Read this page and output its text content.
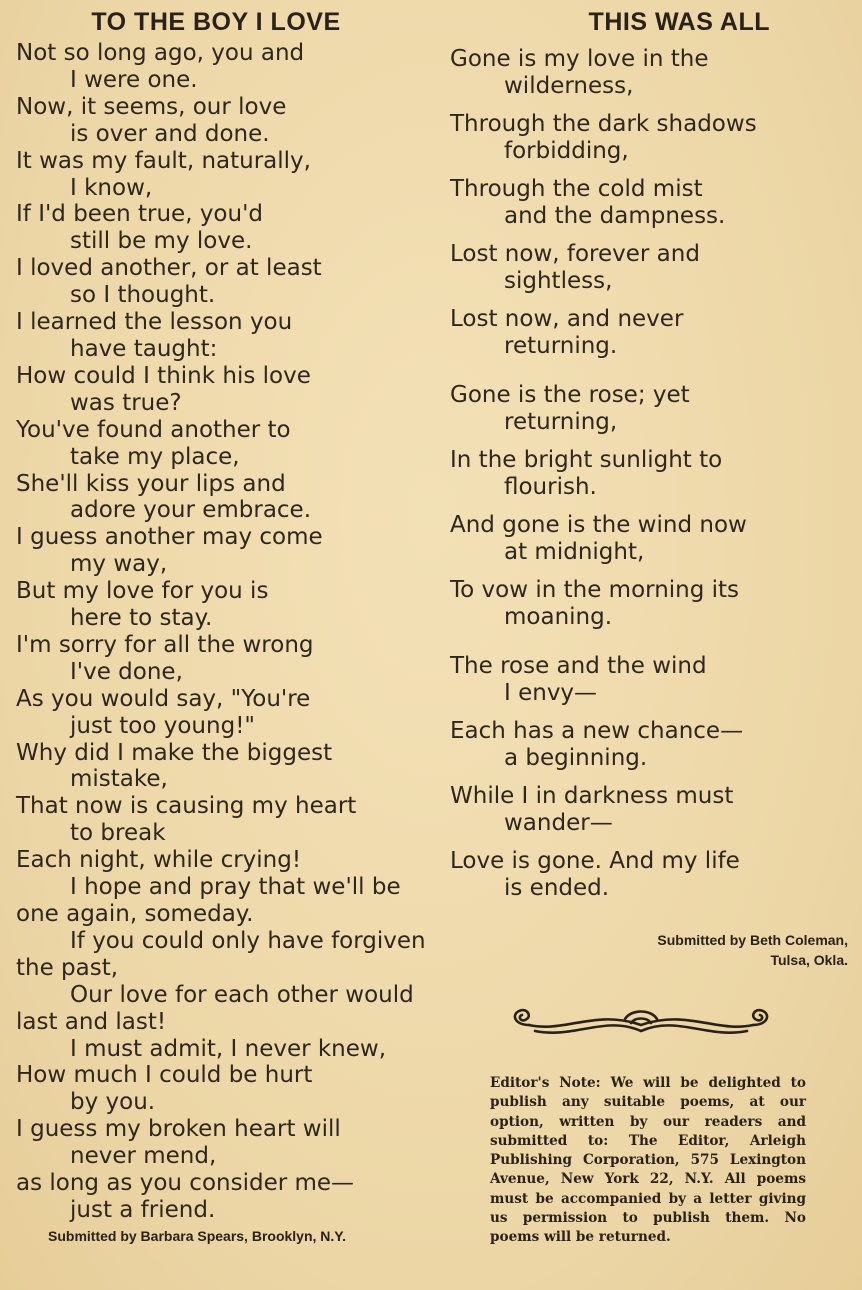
TO THE BOY I LOVE
Not so long ago, you and
I were one.
Now, it seems, our love
is over and done.
It was my fault, naturally,
I know,
If I'd been true, you'd
still be my love.
I loved another, or at least
so I thought.
I learned the lesson you
have taught:
How could I think his love
was true?
You've found another to
take my place,
She'll kiss your lips and
adore your embrace.
I guess another may come
my way,
But my love for you is
here to stay.
I'm sorry for all the wrong
I've done,
As you would say, "You're
just too young!"
Why did I make the biggest
mistake,
That now is causing my heart
to break
Each night, while crying!
I hope and pray that we'll be
one again, someday.
If you could only have forgiven
the past,
Our love for each other would
last and last!
I must admit, I never knew,
How much I could be hurt
by you.
I guess my broken heart will
never mend,
as long as you consider me—
just a friend.
Submitted by Barbara Spears, Brooklyn, N.Y.
THIS WAS ALL
Gone is my love in the
wilderness,
Through the dark shadows
forbidding,
Through the cold mist
and the dampness.
Lost now, forever and
sightless,
Lost now, and never
returning.
Gone is the rose; yet
returning,
In the bright sunlight to
flourish.
And gone is the wind now
at midnight,
To vow in the morning its
moaning.
The rose and the wind
I envy—
Each has a new chance—
a beginning.
While I in darkness must
wander—
Love is gone. And my life
is ended.
Submitted by Beth Coleman,
Tulsa, Okla.
Editor's Note: We will be delighted to publish any suitable poems, at our option, written by our readers and submitted to: The Editor, Arleigh Publishing Corporation, 575 Lexington Avenue, New York 22, N.Y. All poems must be accompanied by a letter giving us permission to publish them. No poems will be returned.
